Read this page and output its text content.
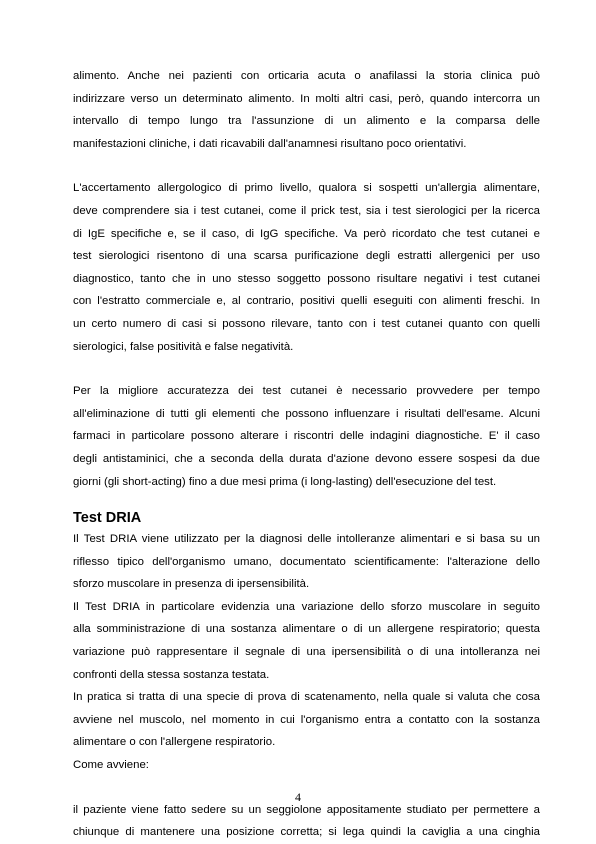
alimento. Anche nei pazienti con orticaria acuta o anafilassi la storia clinica può
indirizzare verso un determinato alimento. In molti altri casi, però, quando intercorra un
intervallo di tempo lungo tra l'assunzione di un alimento e la comparsa delle
manifestazioni cliniche, i dati ricavabili dall'anamnesi risultano poco orientativi.
L'accertamento allergologico di primo livello, qualora si sospetti un'allergia alimentare,
deve comprendere sia i test cutanei, come il prick test, sia i test sierologici per la ricerca
di IgE specifiche e, se il caso, di IgG specifiche. Va però ricordato che test cutanei e
test sierologici risentono di una scarsa purificazione degli estratti allergenici per uso
diagnostico, tanto che in uno stesso soggetto possono risultare negativi i test cutanei
con l'estratto commerciale e, al contrario, positivi quelli eseguiti con alimenti freschi. In
un certo numero di casi si possono rilevare, tanto con i test cutanei quanto con quelli
sierologici, false positività e false negatività.
Per la migliore accuratezza dei test cutanei è necessario provvedere per tempo
all'eliminazione di tutti gli elementi che possono influenzare i risultati dell'esame. Alcuni
farmaci in particolare possono alterare i riscontri delle indagini diagnostiche. E' il caso
degli antistaminici, che a seconda della durata d'azione devono essere sospesi da due
giorni (gli short-acting) fino a due mesi prima (i long-lasting) dell'esecuzione del test.
Test DRIA
Il Test DRIA viene utilizzato per la diagnosi delle intolleranze alimentari e si basa su un
riflesso tipico dell'organismo umano, documentato scientificamente: l'alterazione dello
sforzo muscolare in presenza di ipersensibilità.
Il Test DRIA in particolare evidenzia una variazione dello sforzo muscolare in seguito
alla somministrazione di una sostanza alimentare o di un allergene respiratorio; questa
variazione può rappresentare il segnale di una ipersensibilità o di una intolleranza nei
confronti della stessa sostanza testata.
In pratica si tratta di una specie di prova di scatenamento, nella quale si valuta che cosa
avviene nel muscolo, nel momento in cui l'organismo entra a contatto con la sostanza
alimentare o con l'allergene respiratorio.
Come avviene:
il paziente viene fatto sedere su un seggiolone appositamente studiato per permettere a
chiunque di mantenere una posizione corretta; si lega quindi la caviglia a una cinghia
4
